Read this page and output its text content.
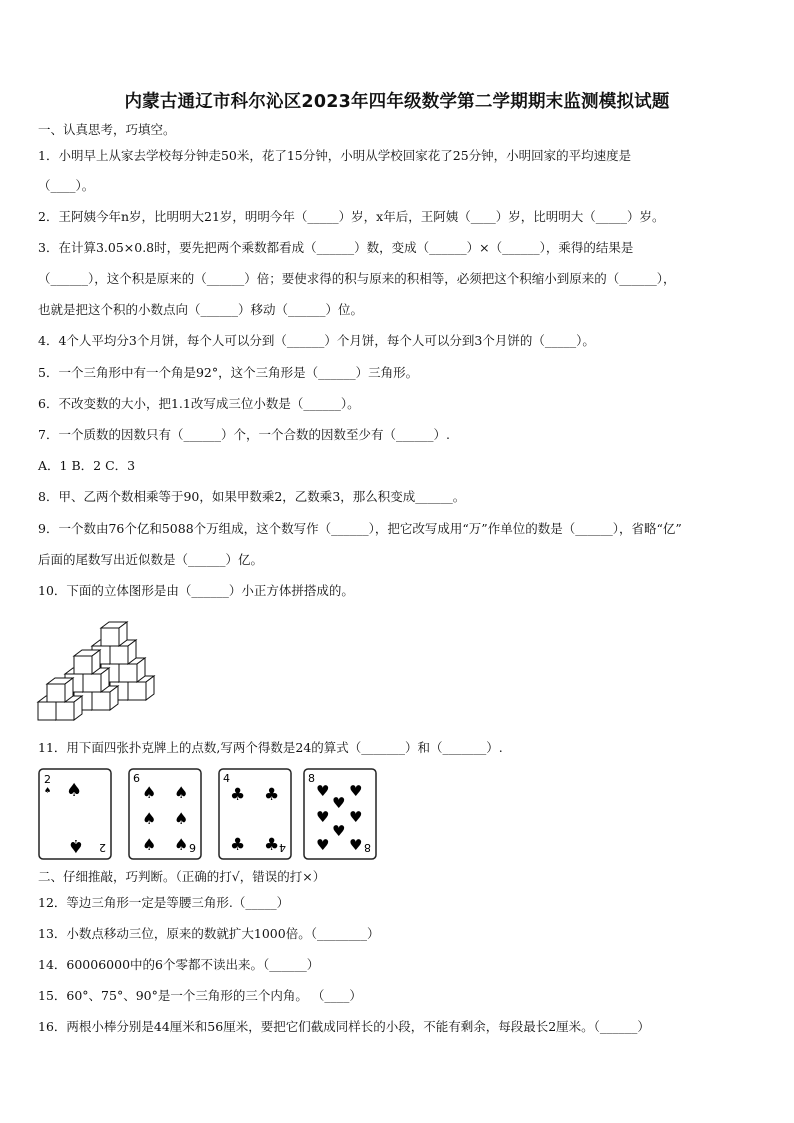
内蒙古通辽市科尔沁区2023年四年级数学第二学期期末监测模拟试题
一、认真思考，巧填空。
1．小明早上从家去学校每分钟走50米，花了15分钟，小明从学校回家花了25分钟，小明回家的平均速度是
（____）。
2．王阿姨今年n岁，比明明大21岁，明明今年（_____）岁，x年后，王阿姨（____）岁，比明明大（_____）岁。
3．在计算3.05×0.8时，要先把两个乘数都看成（______）数，变成（______）×（______），乘得的结果是
（______），这个积是原来的（______）倍；要使求得的积与原来的积相等，必须把这个积缩小到原来的（______），
也就是把这个积的小数点向（______）移动（______）位。
4．4个人平均分3个月饼，每个人可以分到（______）个月饼，每个人可以分到3个月饼的（_____）。
5．一个三角形中有一个角是92°，这个三角形是（______）三角形。
6．不改变数的大小，把1.1改写成三位小数是（______）。
7．一个质数的因数只有（______）个，一个合数的因数至少有（______）.
A．1 B．2 C．3
8．甲、乙两个数相乘等于90，如果甲数乘2，乙数乘3，那么积变成______。
9．一个数由76个亿和5088个万组成，这个数写作（______），把它改写成用“万”作单位的数是（______），省略“亿”
后面的尾数写出近似数是（______）亿。
10．下面的立体图形是由（______）小正方体拼搭成的。
11．用下面四张扑克牌上的点数,写两个得数是24的算式（_______）和（_______）.
2
♠ ♠
♠ 2
6
♠ ♠
♠ ♠
♠ ♠ 6
4
♣ ♣
♣ ♣ 4
8
♥ ♥
♥
♥ ♥
♥
♥ ♥ 8
二、仔细推敲，巧判断。（正确的打√，错误的打×）
12．等边三角形一定是等腰三角形.（_____）
13．小数点移动三位，原来的数就扩大1000倍。（________）
14．60006000中的6个零都不读出来。（______）
15．60°、75°、90°是一个三角形的三个内角。 （____）
16．两根小棒分别是44厘米和56厘米，要把它们截成同样长的小段，不能有剩余，每段最长2厘米。（______）
